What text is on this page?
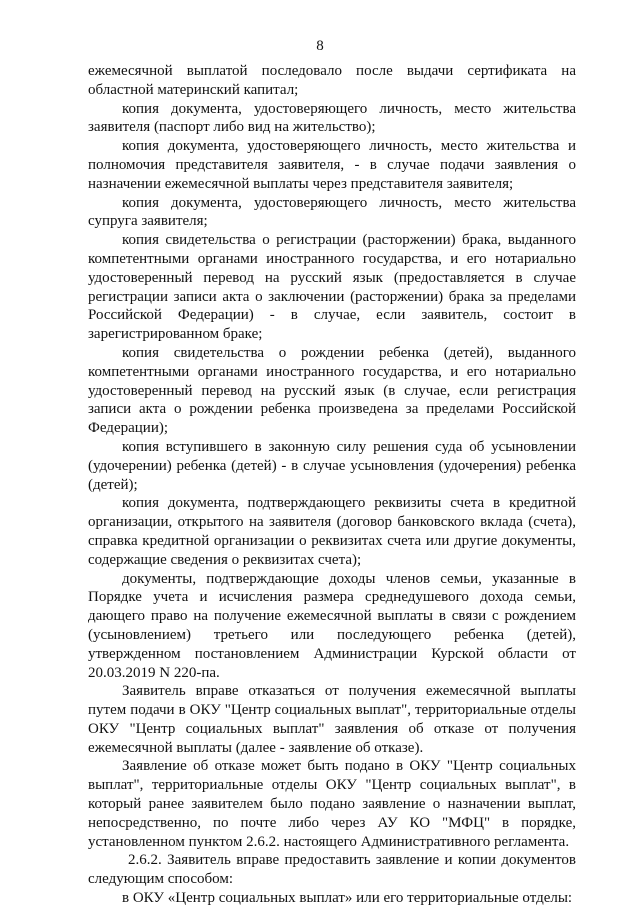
8

ежемесячной выплатой последовало после выдачи сертификата на областной материнский капитал;

копия документа, удостоверяющего личность, место жительства заявителя (паспорт либо вид на жительство);

копия документа, удостоверяющего личность, место жительства и полномочия представителя заявителя, - в случае подачи заявления о назначении ежемесячной выплаты через представителя заявителя;

копия документа, удостоверяющего личность, место жительства супруга заявителя;

копия свидетельства о регистрации (расторжении) брака, выданного компетентными органами иностранного государства, и его нотариально удостоверенный перевод на русский язык (предоставляется в случае регистрации записи акта о заключении (расторжении) брака за пределами Российской Федерации) - в случае, если заявитель, состоит в зарегистрированном браке;

копия свидетельства о рождении ребенка (детей), выданного компетентными органами иностранного государства, и его нотариально удостоверенный перевод на русский язык (в случае, если регистрация записи акта о рождении ребенка произведена за пределами Российской Федерации);

копия вступившего в законную силу решения суда об усыновлении (удочерении) ребенка (детей) - в случае усыновления (удочерения) ребенка (детей);

копия документа, подтверждающего реквизиты счета в кредитной организации, открытого на заявителя (договор банковского вклада (счета), справка кредитной организации о реквизитах счета или другие документы, содержащие сведения о реквизитах счета);

документы, подтверждающие доходы членов семьи, указанные в Порядке учета и исчисления размера среднедушевого дохода семьи, дающего право на получение ежемесячной выплаты в связи с рождением (усыновлением) третьего или последующего ребенка (детей), утвержденном постановлением Администрации Курской области от 20.03.2019 N 220-па.

Заявитель вправе отказаться от получения ежемесячной выплаты путем подачи в ОКУ "Центр социальных выплат", территориальные отделы ОКУ "Центр социальных выплат" заявления об отказе от получения ежемесячной выплаты (далее - заявление об отказе).

Заявление об отказе может быть подано в ОКУ "Центр социальных выплат", территориальные отделы ОКУ "Центр социальных выплат", в который ранее заявителем было подано заявление о назначении выплат, непосредственно, по почте либо через АУ КО "МФЦ" в порядке, установленном пунктом 2.6.2. настоящего Административного регламента.

2.6.2. Заявитель вправе предоставить заявление и копии документов следующим способом:

в ОКУ «Центр социальных выплат» или его территориальные отделы:
